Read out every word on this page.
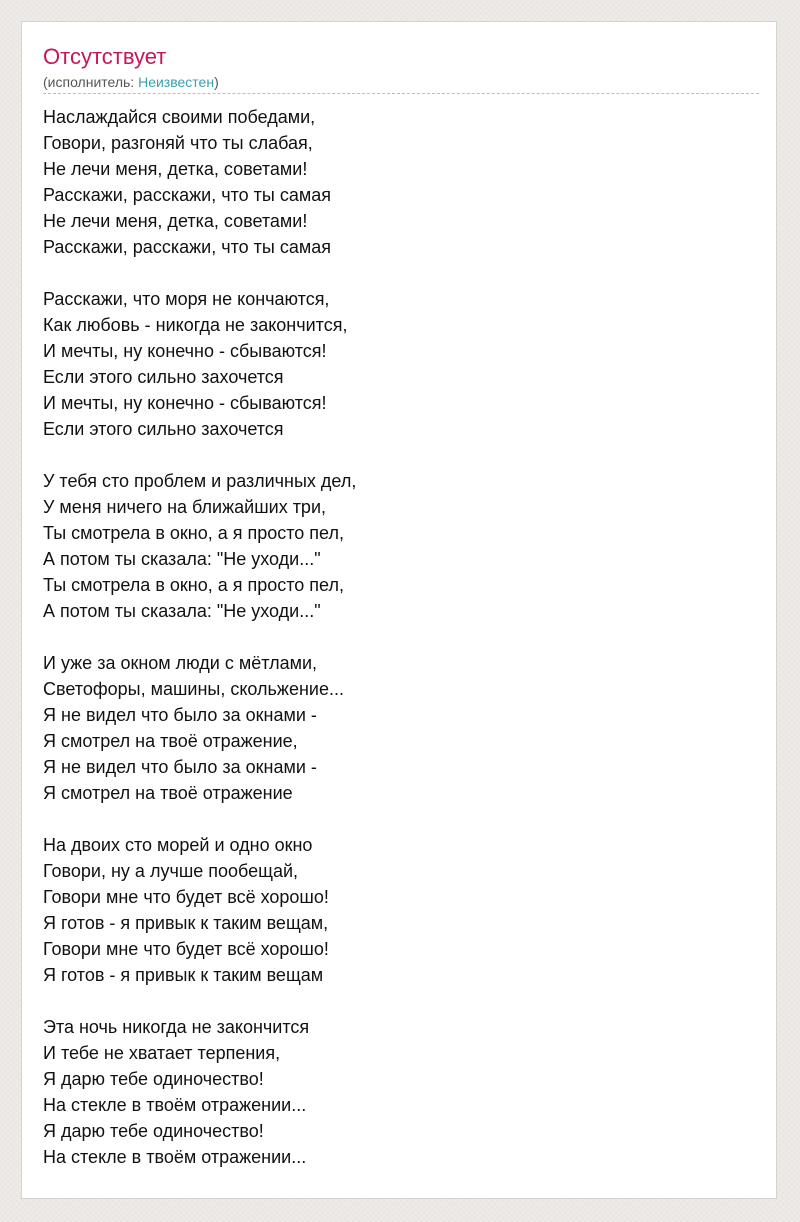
Отсутствует
(исполнитель: Неизвестен)
Наслаждайся своими победами,
Говори, разгоняй что ты слабая,
Не лечи меня, детка, советами!
Расскажи, расскажи, что ты самая
Не лечи меня, детка, советами!
Расскажи, расскажи, что ты самая
Расскажи, что моря не кончаются,
Как любовь - никогда не закончится,
И мечты, ну конечно - сбываются!
Если этого сильно захочется
И мечты, ну конечно - сбываются!
Если этого сильно захочется
У тебя сто проблем и различных дел,
У меня ничего на ближайших три,
Ты смотрела в окно, а я просто пел,
А потом ты сказала: "Не уходи..."
Ты смотрела в окно, а я просто пел,
А потом ты сказала: "Не уходи..."
И уже за окном люди с мётлами,
Светофоры, машины, скольжение...
Я не видел что было за окнами -
Я смотрел на твоё отражение,
Я не видел что было за окнами -
Я смотрел на твоё отражение
На двоих сто морей и одно окно
Говори, ну а лучше пообещай,
Говори мне что будет всё хорошо!
Я готов - я привык к таким вещам,
Говори мне что будет всё хорошо!
Я готов - я привык к таким вещам
Эта ночь никогда не закончится
И тебе не хватает терпения,
Я дарю тебе одиночество!
На стекле в твоём отражении...
Я дарю тебе одиночество!
На стекле в твоём отражении...
